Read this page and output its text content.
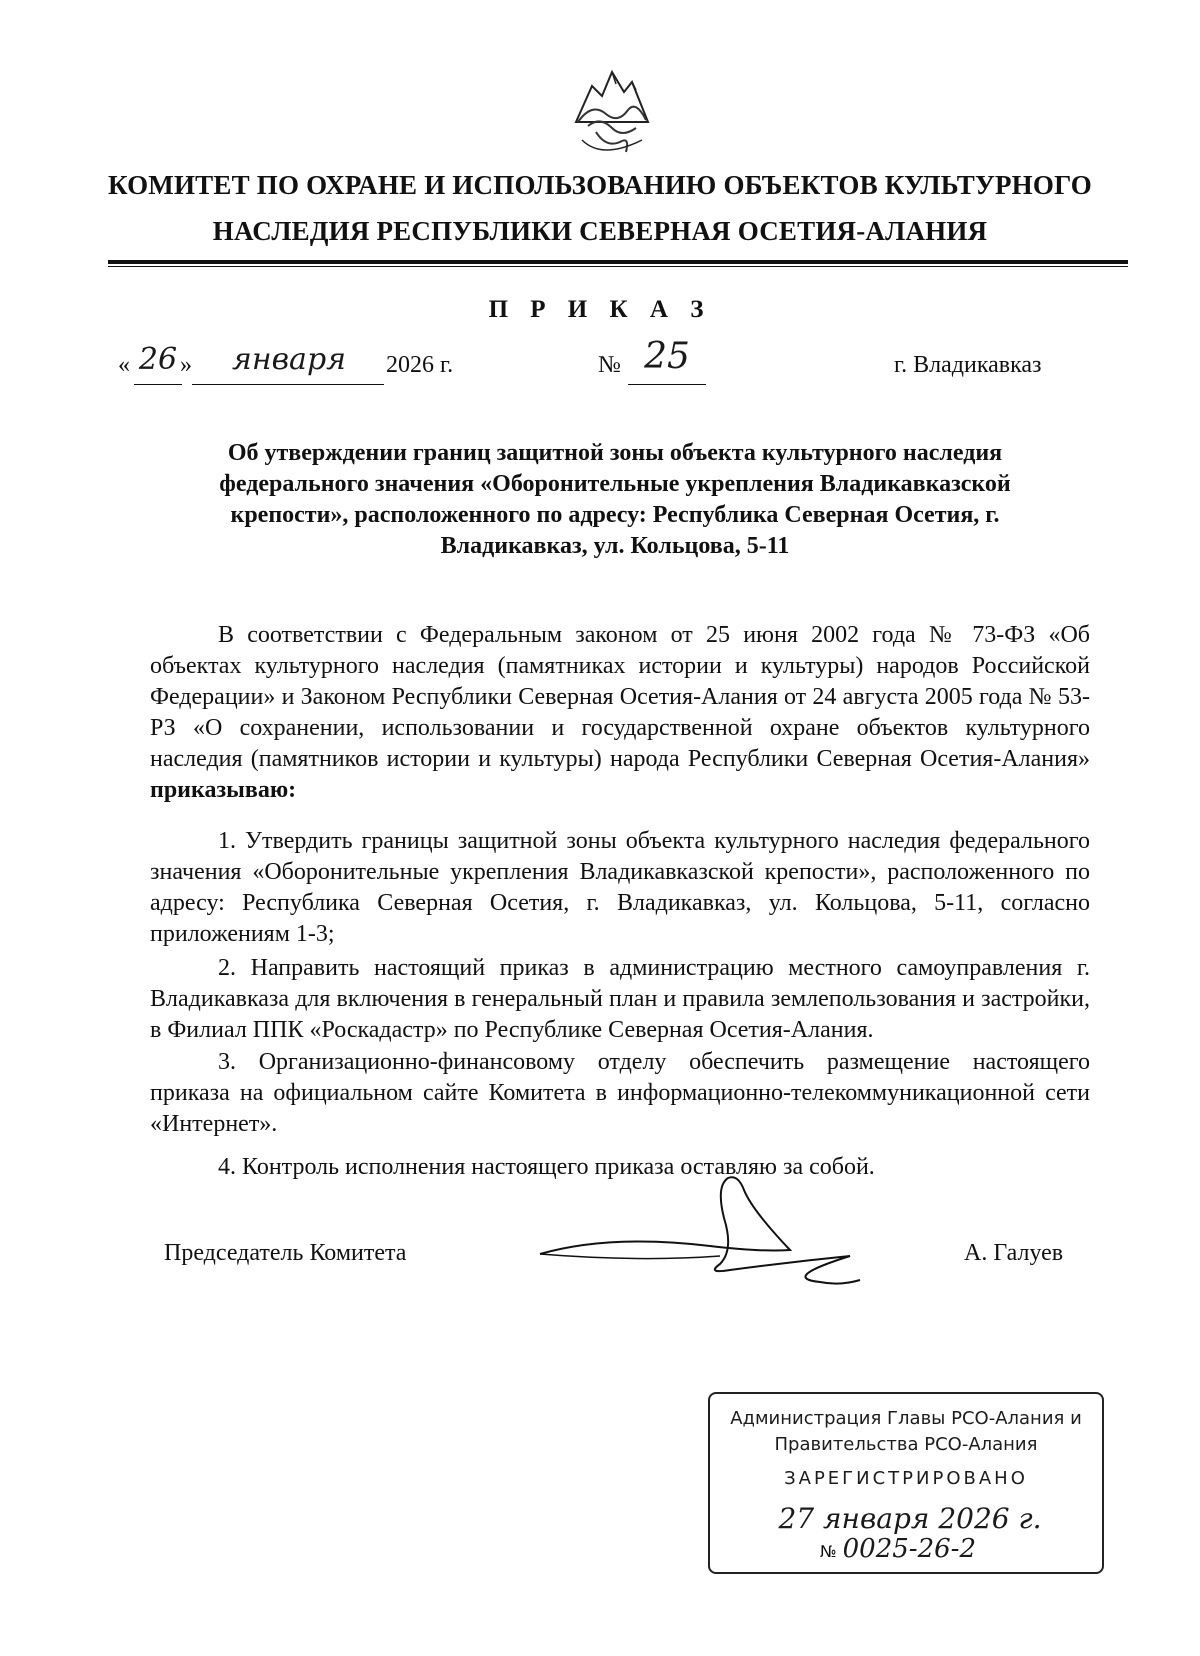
КОМИТЕТ ПО ОХРАНЕ И ИСПОЛЬЗОВАНИЮ ОБЪЕКТОВ КУЛЬТУРНОГО
НАСЛЕДИЯ РЕСПУБЛИКИ СЕВЕРНАЯ ОСЕТИЯ-АЛАНИЯ
П Р И К А З
« 26 »	января	2026 г.	№ 25	г. Владикавказ
Об утверждении границ защитной зоны объекта культурного наследия федерального значения «Оборонительные укрепления Владикавказской крепости», расположенного по адресу: Республика Северная Осетия, г. Владикавказ, ул. Кольцова, 5-11
В соответствии с Федеральным законом от 25 июня 2002 года № 73-ФЗ «Об объектах культурного наследия (памятниках истории и культуры) народов Российской Федерации» и Законом Республики Северная Осетия-Алания от 24 августа 2005 года № 53-РЗ «О сохранении, использовании и государственной охране объектов культурного наследия (памятников истории и культуры) народа Республики Северная Осетия-Алания» приказываю:
1. Утвердить границы защитной зоны объекта культурного наследия федерального значения «Оборонительные укрепления Владикавказской крепости», расположенного по адресу: Республика Северная Осетия, г. Владикавказ, ул. Кольцова, 5-11, согласно приложениям 1-3;
2. Направить настоящий приказ в администрацию местного самоуправления г. Владикавказа для включения в генеральный план и правила землепользования и застройки, в Филиал ППК «Роскадастр» по Республике Северная Осетия-Алания.
3. Организационно-финансовому отделу обеспечить размещение настоящего приказа на официальном сайте Комитета в информационно-телекоммуникационной сети «Интернет».
4. Контроль исполнения настоящего приказа оставляю за собой.
Председатель Комитета	А. Галуев
Администрация Главы РСО-Алания и
Правительства РСО-Алания
ЗАРЕГИСТРИРОВАНО
27 января 2026 г.
№ 0025-26-2
